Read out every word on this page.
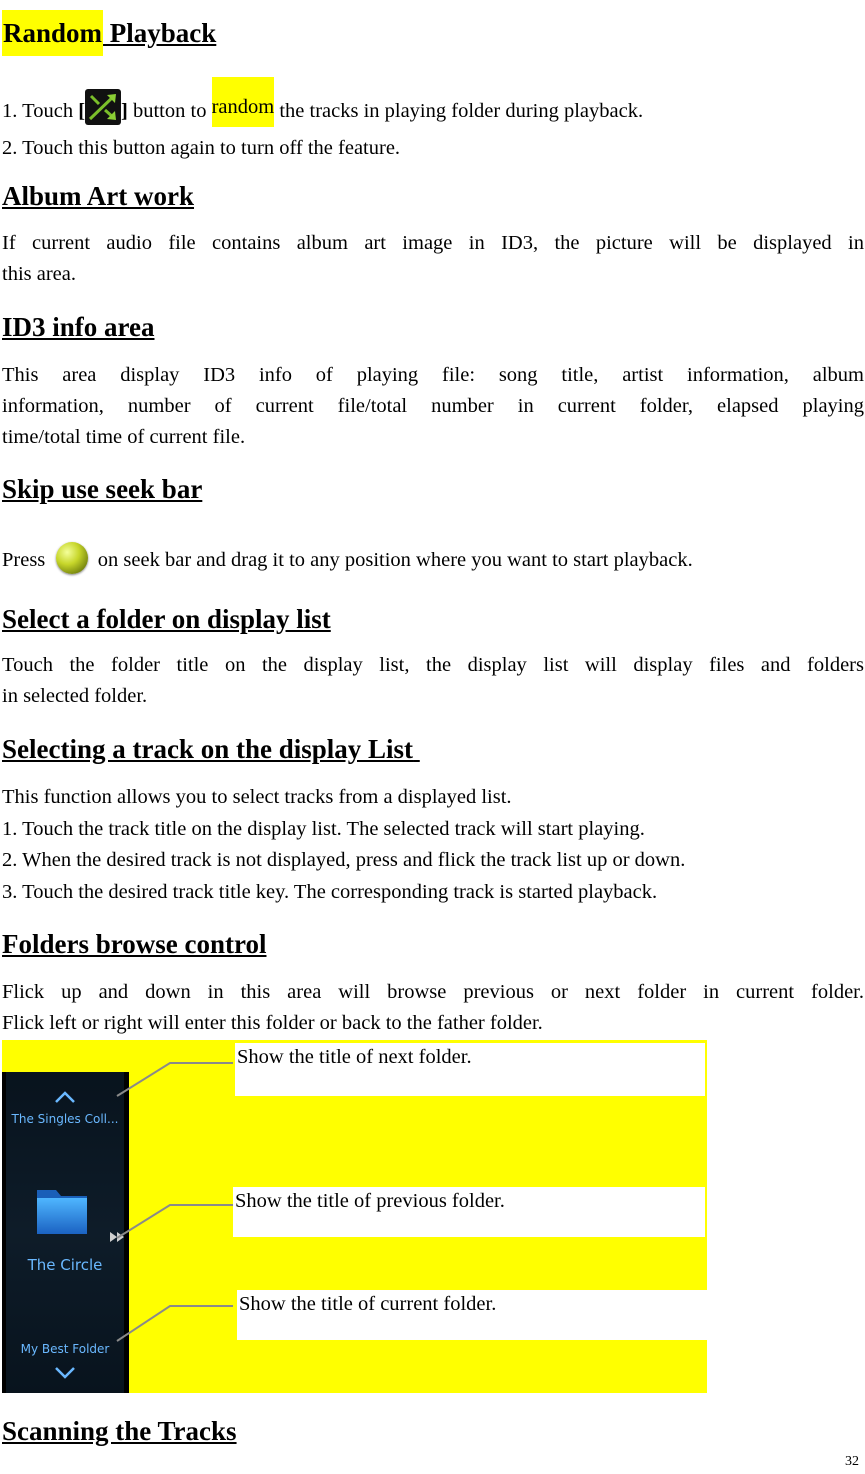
Random Playback
1. Touch [ ] button to random the tracks in playing folder during playback.
2. Touch this button again to turn off the feature.
Album Art work
If current audio file contains album art image in ID3, the picture will be displayed in
this area.
ID3 info area
This area display ID3 info of playing file: song title, artist information, album
information, number of current file/total number in current folder, elapsed playing
time/total time of current file.
Skip use seek bar
Press	on seek bar and drag it to any position where you want to start playback.
Select a folder on display list
Touch the folder title on the display list, the display list will display files and folders
in selected folder.
Selecting a track on the display List
This function allows you to select tracks from a displayed list.
1. Touch the track title on the display list. The selected track will start playing.
2. When the desired track is not displayed, press and flick the track list up or down.
3. Touch the desired track title key. The corresponding track is started playback.
Folders browse control
Flick up and down in this area will browse previous or next folder in current folder.
Flick left or right will enter this folder or back to the father folder.
The Singles Coll...
The Circle
My Best Folder
Show the title of next folder.
Show the title of previous folder.
Show the title of current folder.
Scanning the Tracks
32
